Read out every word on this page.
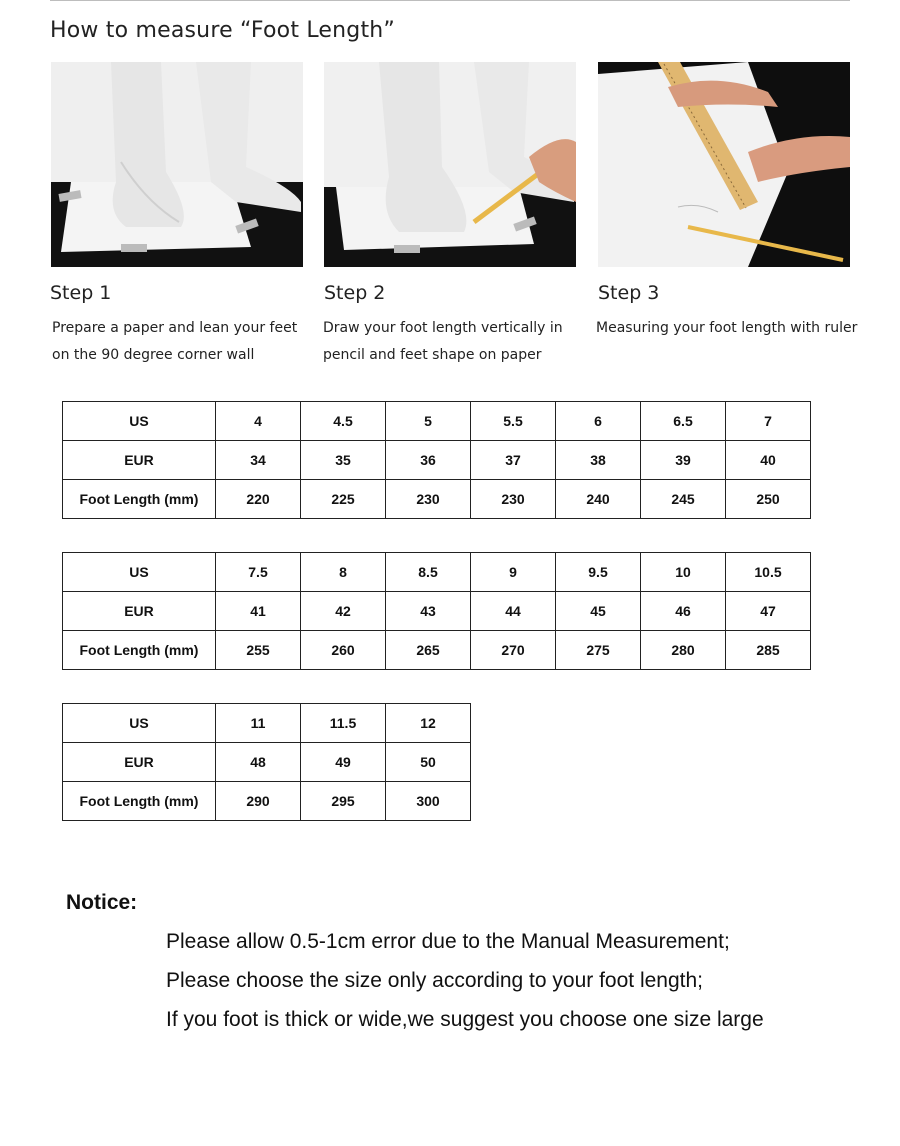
How to measure “Foot Length”
Step 1
Prepare a paper and lean your feet
on the 90 degree corner wall
Step 2
Draw your foot length vertically in
pencil and feet shape on paper
Step 3
Measuring your foot length with ruler
US	4	4.5	5	5.5	6	6.5	7
EUR	34	35	36	37	38	39	40
Foot Length (mm)	220	225	230	230	240	245	250
US	7.5	8	8.5	9	9.5	10	10.5
EUR	41	42	43	44	45	46	47
Foot Length (mm)	255	260	265	270	275	280	285
US	11	11.5	12
EUR	48	49	50
Foot Length (mm)	290	295	300
Notice:
Please allow 0.5-1cm error due to the Manual Measurement;
Please choose the size only according to your foot length;
If you foot is thick or wide,we suggest you choose one size large
